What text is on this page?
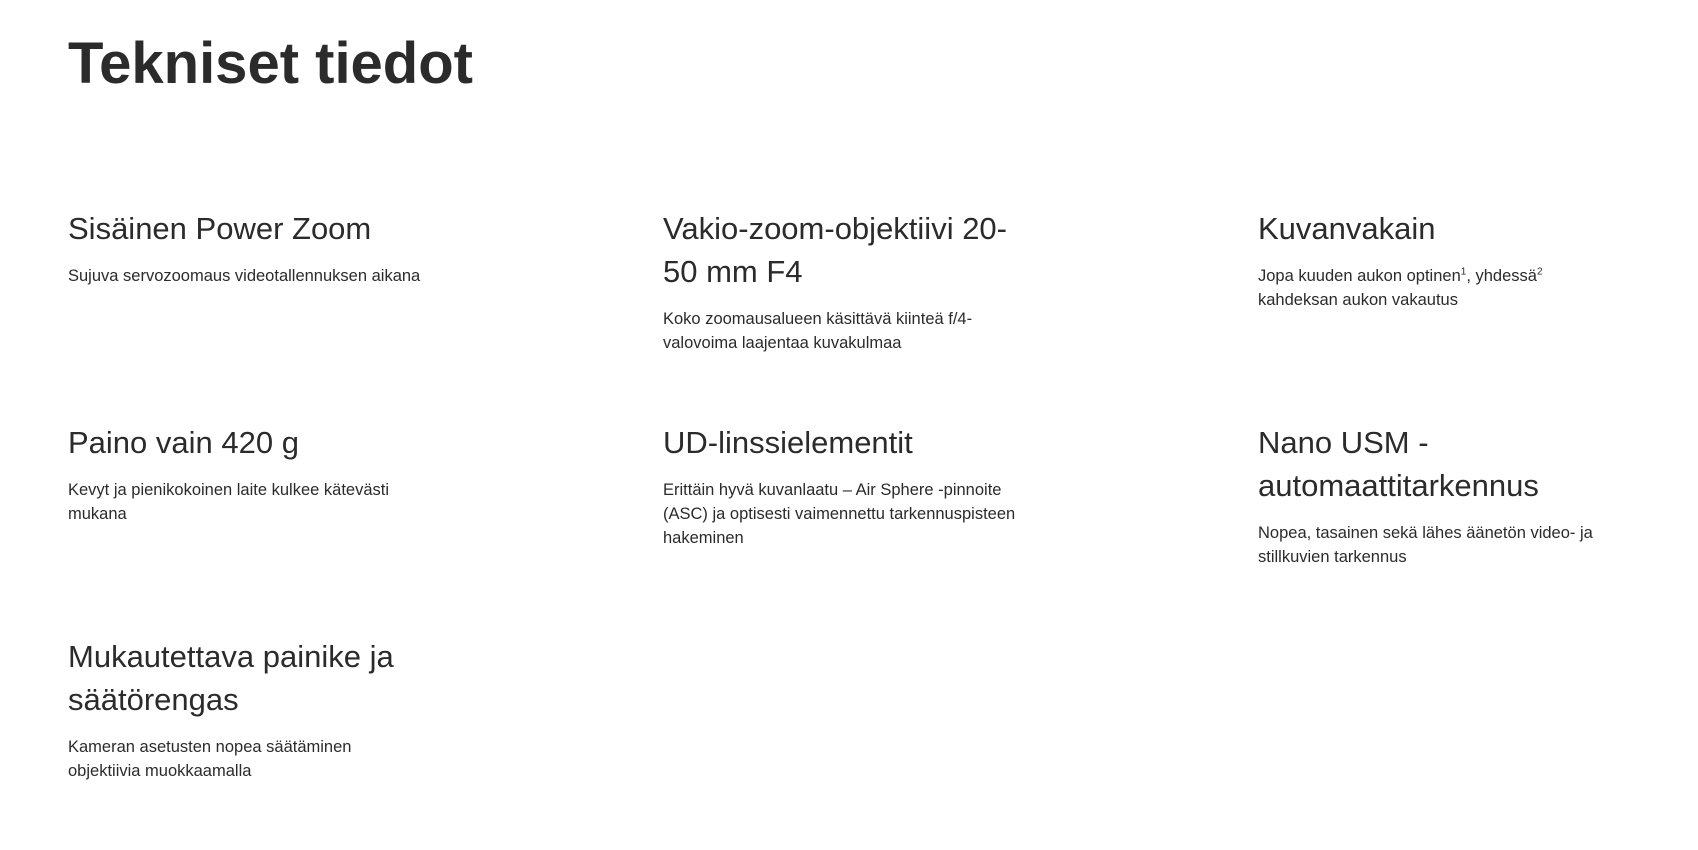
Tekniset tiedot
Sisäinen Power Zoom

Sujuva servozoomaus videotallennuksen aikana

Vakio-zoom-objektiivi 20-50 mm F4

Koko zoomausalueen käsittävä kiinteä f/4-valovoima laajentaa kuvakulmaa

Kuvanvakain

Jopa kuuden aukon optinen$^1$, yhdessä$^2$ kahdeksan aukon vakautus

Paino vain 420 g

Kevyt ja pienikokoinen laite kulkee kätevästi mukana

UD-linssielementit

Erittäin hyvä kuvanlaatu – Air Sphere -pinnoite (ASC) ja optisesti vaimennettu tarkennuspisteen hakeminen

Nano USM -automaattitarkennus

Nopea, tasainen sekä lähes äänetön video- ja stillkuvien tarkennus

Mukautettava painike ja säätörengas

Kameran asetusten nopea säätäminen objektiivia muokkaamalla
